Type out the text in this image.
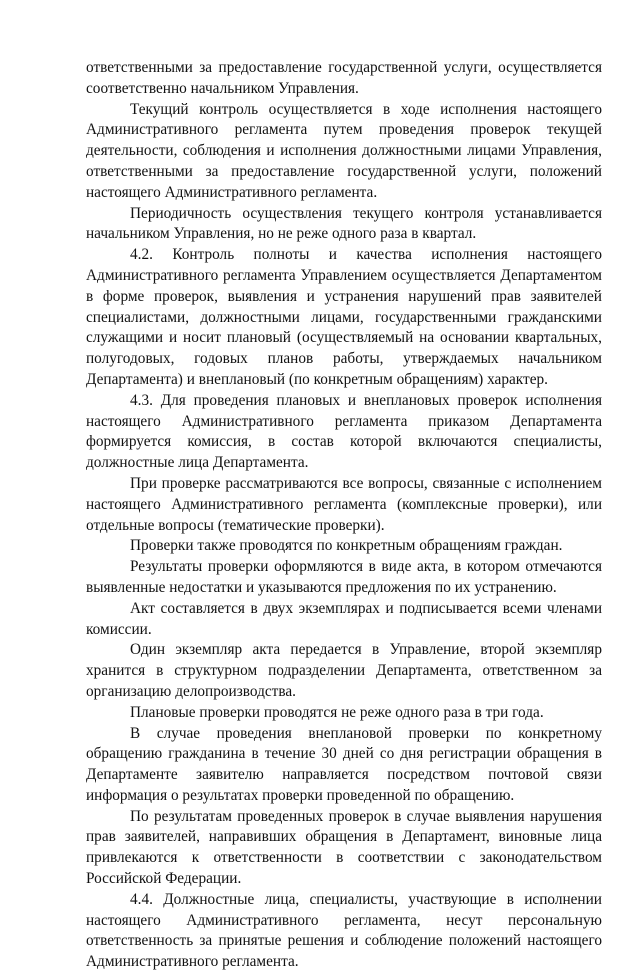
ответственными за предоставление государственной услуги, осуществляется соответственно начальником Управления.

Текущий контроль осуществляется в ходе исполнения настоящего Административного регламента путем проведения проверок текущей деятельности, соблюдения и исполнения должностными лицами Управления, ответственными за предоставление государственной услуги, положений настоящего Административного регламента.

Периодичность осуществления текущего контроля устанавливается начальником Управления, но не реже одного раза в квартал.

4.2. Контроль полноты и качества исполнения настоящего Административного регламента Управлением осуществляется Департаментом в форме проверок, выявления и устранения нарушений прав заявителей специалистами, должностными лицами, государственными гражданскими служащими и носит плановый (осуществляемый на основании квартальных, полугодовых, годовых планов работы, утверждаемых начальником Департамента) и внеплановый (по конкретным обращениям) характер.

4.3. Для проведения плановых и внеплановых проверок исполнения настоящего Административного регламента приказом Департамента формируется комиссия, в состав которой включаются специалисты, должностные лица Департамента.

При проверке рассматриваются все вопросы, связанные с исполнением настоящего Административного регламента (комплексные проверки), или отдельные вопросы (тематические проверки).

Проверки также проводятся по конкретным обращениям граждан.

Результаты проверки оформляются в виде акта, в котором отмечаются выявленные недостатки и указываются предложения по их устранению.

Акт составляется в двух экземплярах и подписывается всеми членами комиссии.

Один экземпляр акта передается в Управление, второй экземпляр хранится в структурном подразделении Департамента, ответственном за организацию делопроизводства.

Плановые проверки проводятся не реже одного раза в три года.

В случае проведения внеплановой проверки по конкретному обращению гражданина в течение 30 дней со дня регистрации обращения в Департаменте заявителю направляется посредством почтовой связи информация о результатах проверки проведенной по обращению.

По результатам проведенных проверок в случае выявления нарушения прав заявителей, направивших обращения в Департамент, виновные лица привлекаются к ответственности в соответствии с законодательством Российской Федерации.

4.4. Должностные лица, специалисты, участвующие в исполнении настоящего Административного регламента, несут персональную ответственность за принятые решения и соблюдение положений настоящего Административного регламента.
